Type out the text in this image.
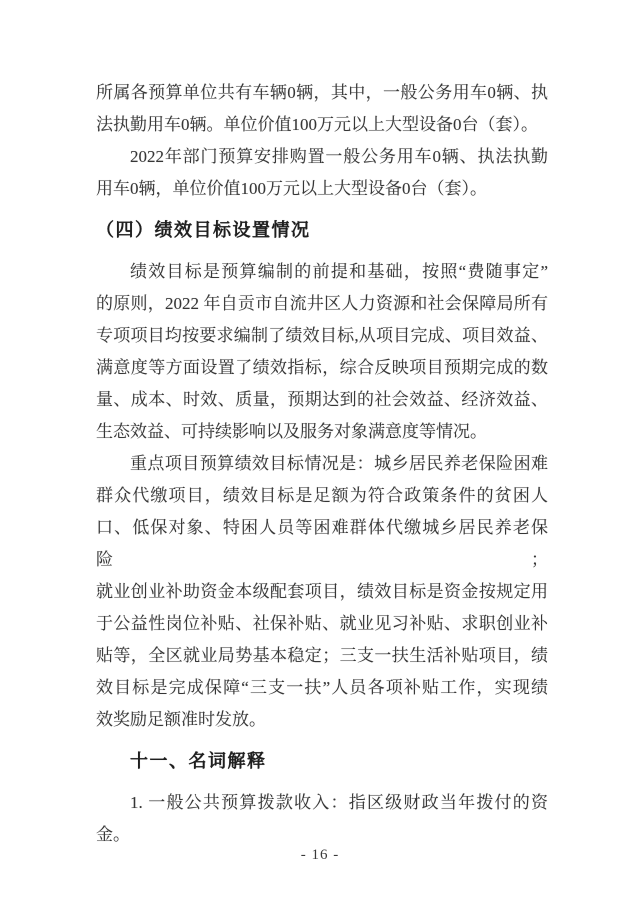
所属各预算单位共有车辆0辆，其中，一般公务用车0辆、执
法执勤用车0辆。单位价值100万元以上大型设备0台（套）。
2022年部门预算安排购置一般公务用车0辆、执法执勤
用车0辆，单位价值100万元以上大型设备0台（套）。
（四）绩效目标设置情况
绩效目标是预算编制的前提和基础，按照“费随事定”
的原则，2022 年自贡市自流井区人力资源和社会保障局所有
专项项目均按要求编制了绩效目标,从项目完成、项目效益、
满意度等方面设置了绩效指标，综合反映项目预期完成的数
量、成本、时效、质量，预期达到的社会效益、经济效益、
生态效益、可持续影响以及服务对象满意度等情况。
重点项目预算绩效目标情况是：城乡居民养老保险困难
群众代缴项目，绩效目标是足额为符合政策条件的贫困人
口、低保对象、特困人员等困难群体代缴城乡居民养老保险；
就业创业补助资金本级配套项目，绩效目标是资金按规定用
于公益性岗位补贴、社保补贴、就业见习补贴、求职创业补
贴等，全区就业局势基本稳定；三支一扶生活补贴项目，绩
效目标是完成保障“三支一扶”人员各项补贴工作，实现绩
效奖励足额准时发放。
十一、名词解释
1. 一般公共预算拨款收入：指区级财政当年拨付的资
金。
- 16 -
